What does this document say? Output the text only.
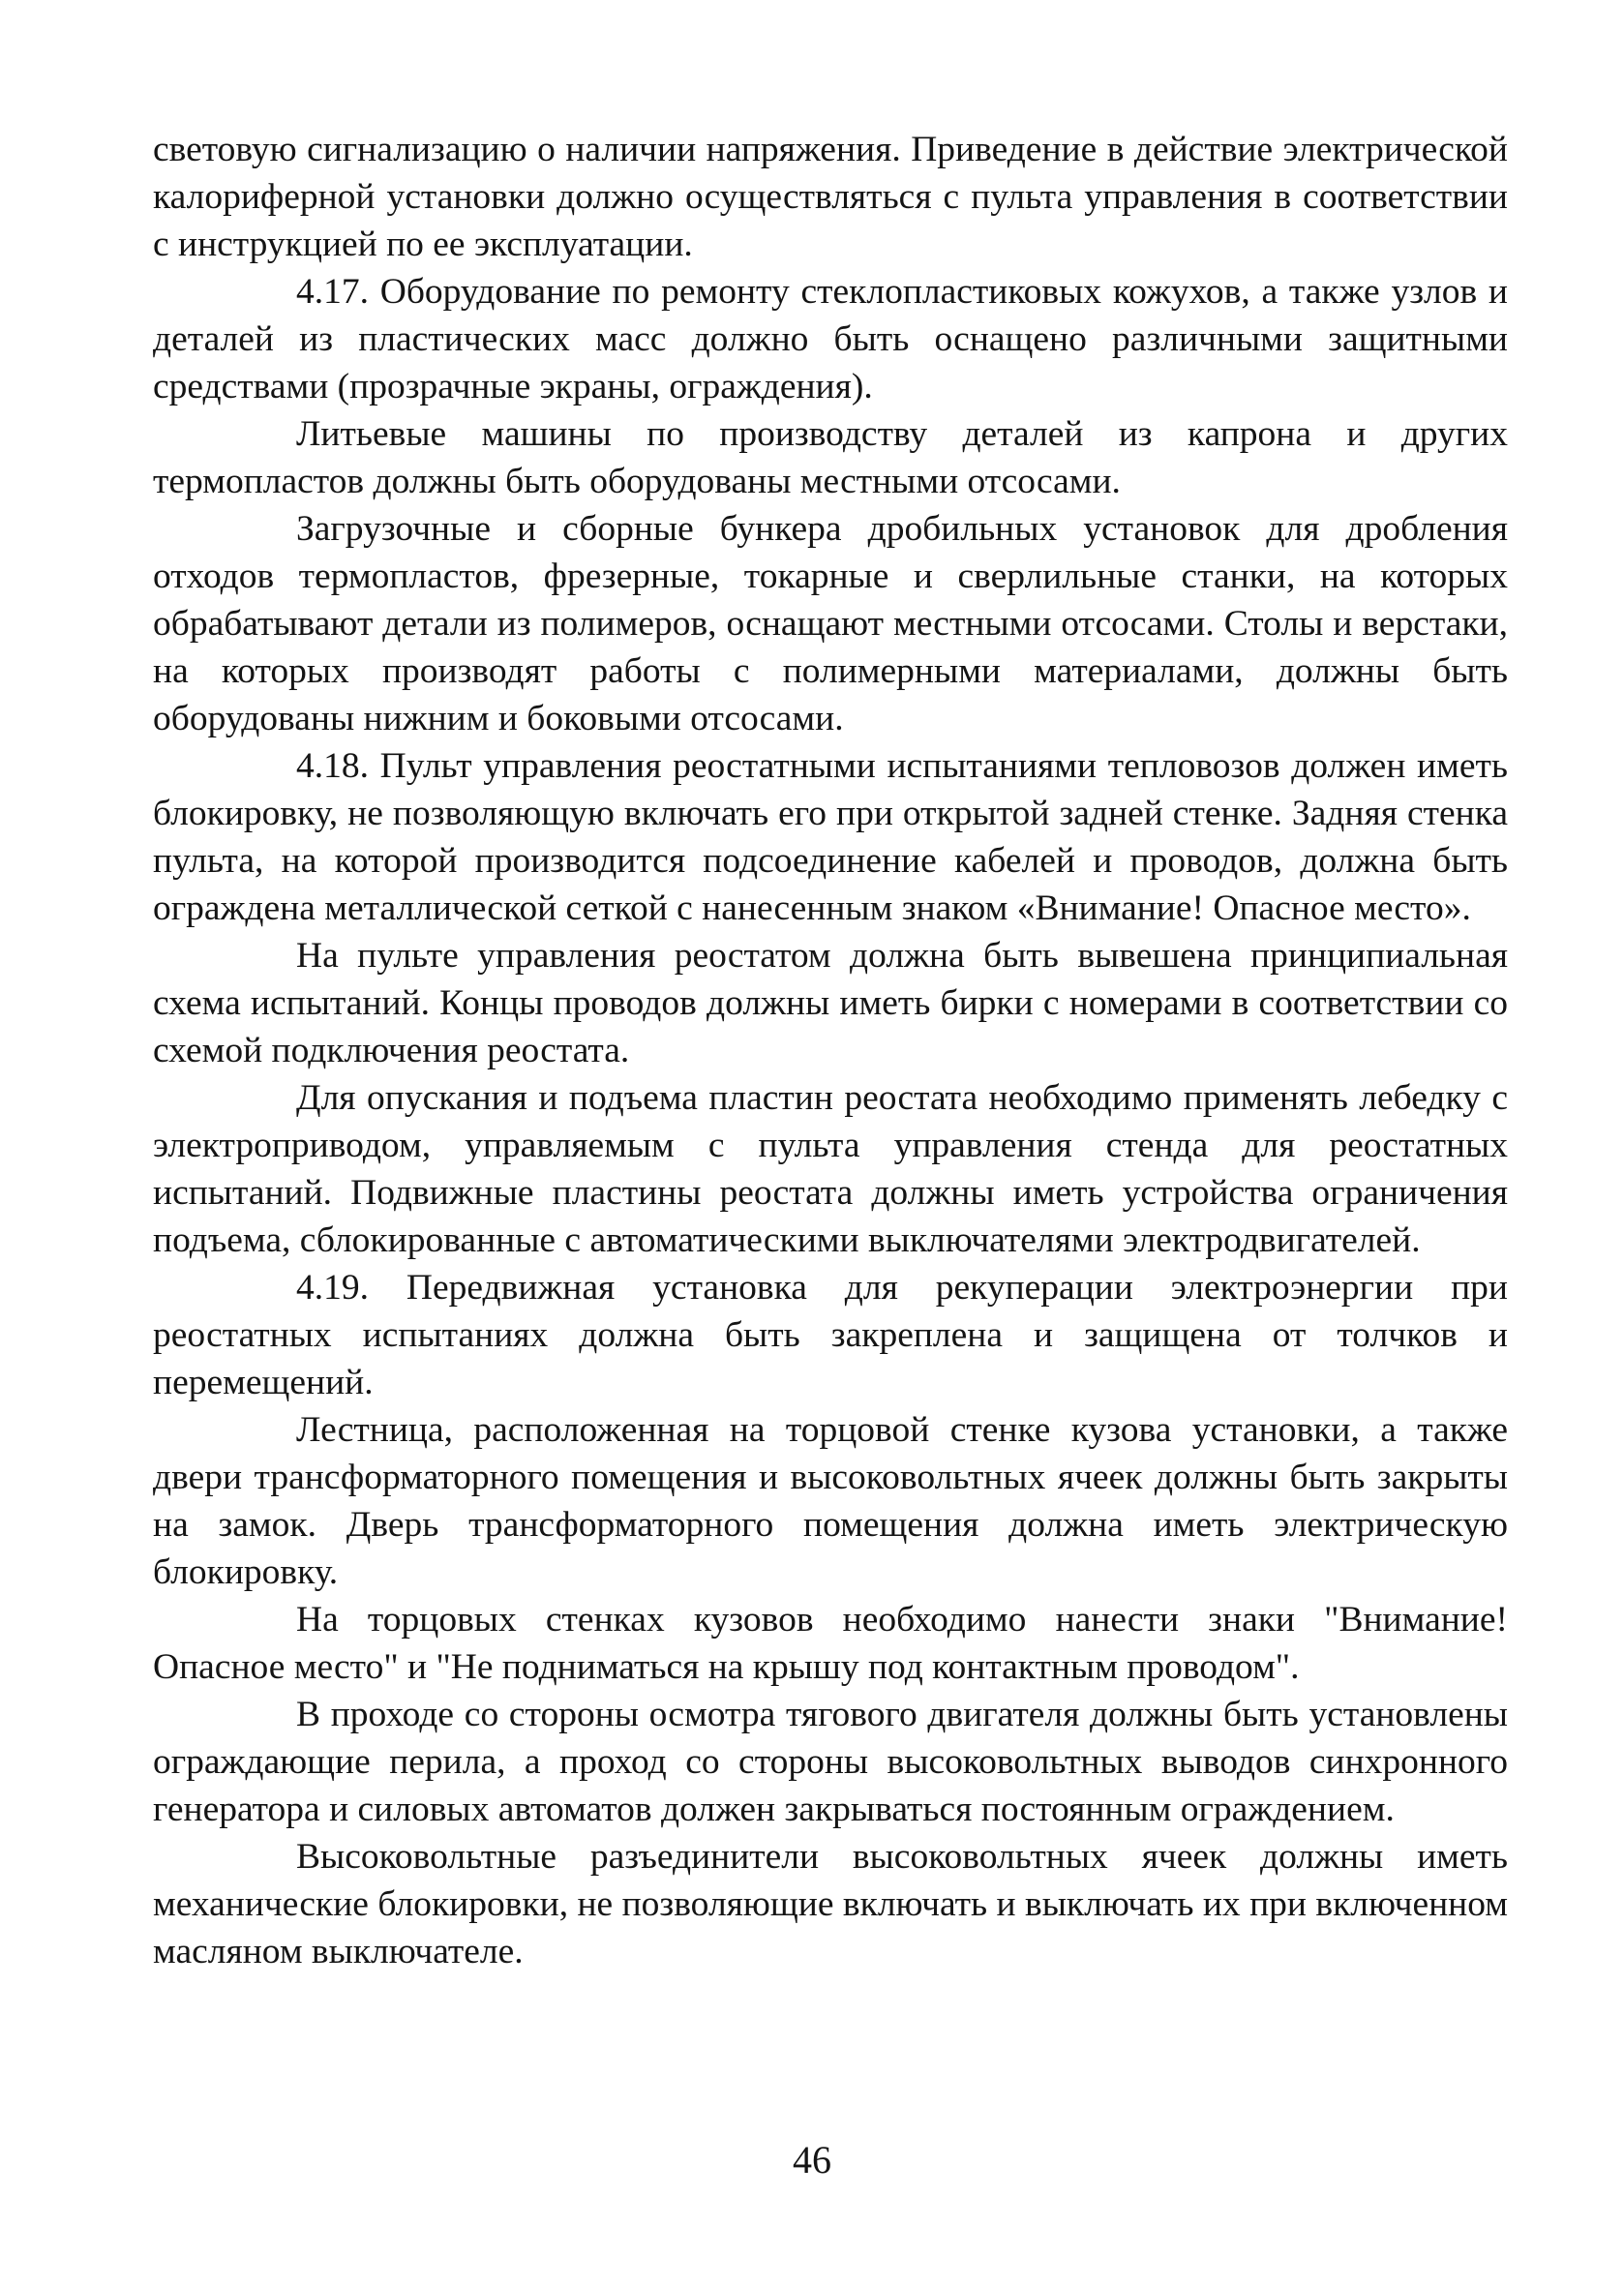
световую сигнализацию о наличии напряжения. Приведение в действие электрической калориферной установки должно осуществляться с пульта управления в соответствии с инструкцией по ее эксплуатации.

4.17. Оборудование по ремонту стеклопластиковых кожухов, а также узлов и деталей из пластических масс должно быть оснащено различными защитными средствами (прозрачные экраны, ограждения).

Литьевые машины по производству деталей из капрона и других термопластов должны быть оборудованы местными отсосами.

Загрузочные и сборные бункера дробильных установок для дробления отходов термопластов, фрезерные, токарные и сверлильные станки, на которых обрабатывают детали из полимеров, оснащают местными отсосами. Столы и верстаки, на которых производят работы с полимерными материалами, должны быть оборудованы нижним и боковыми отсосами.

4.18. Пульт управления реостатными испытаниями тепловозов должен иметь блокировку, не позволяющую включать его при открытой задней стенке. Задняя стенка пульта, на которой производится подсоединение кабелей и проводов, должна быть ограждена металлической сеткой с нанесенным знаком «Внимание! Опасное место».

На пульте управления реостатом должна быть вывешена принципиальная схема испытаний. Концы проводов должны иметь бирки с номерами в соответствии со схемой подключения реостата.

Для опускания и подъема пластин реостата необходимо применять лебедку с электроприводом, управляемым с пульта управления стенда для реостатных испытаний. Подвижные пластины реостата должны иметь устройства ограничения подъема, сблокированные с автоматическими выключателями электродвигателей.

4.19. Передвижная установка для рекуперации электроэнергии при реостатных испытаниях должна быть закреплена и защищена от толчков и перемещений.

Лестница, расположенная на торцовой стенке кузова установки, а также двери трансформаторного помещения и высоковольтных ячеек должны быть закрыты на замок. Дверь трансформаторного помещения должна иметь электрическую блокировку.

На торцовых стенках кузовов необходимо нанести знаки "Внимание! Опасное место" и "Не подниматься на крышу под контактным проводом".

В проходе со стороны осмотра тягового двигателя должны быть установлены ограждающие перила, а проход со стороны высоковольтных выводов синхронного генератора и силовых автоматов должен закрываться постоянным ограждением.

Высоковольтные разъединители высоковольтных ячеек должны иметь механические блокировки, не позволяющие включать и выключать их при включенном масляном выключателе.

46
